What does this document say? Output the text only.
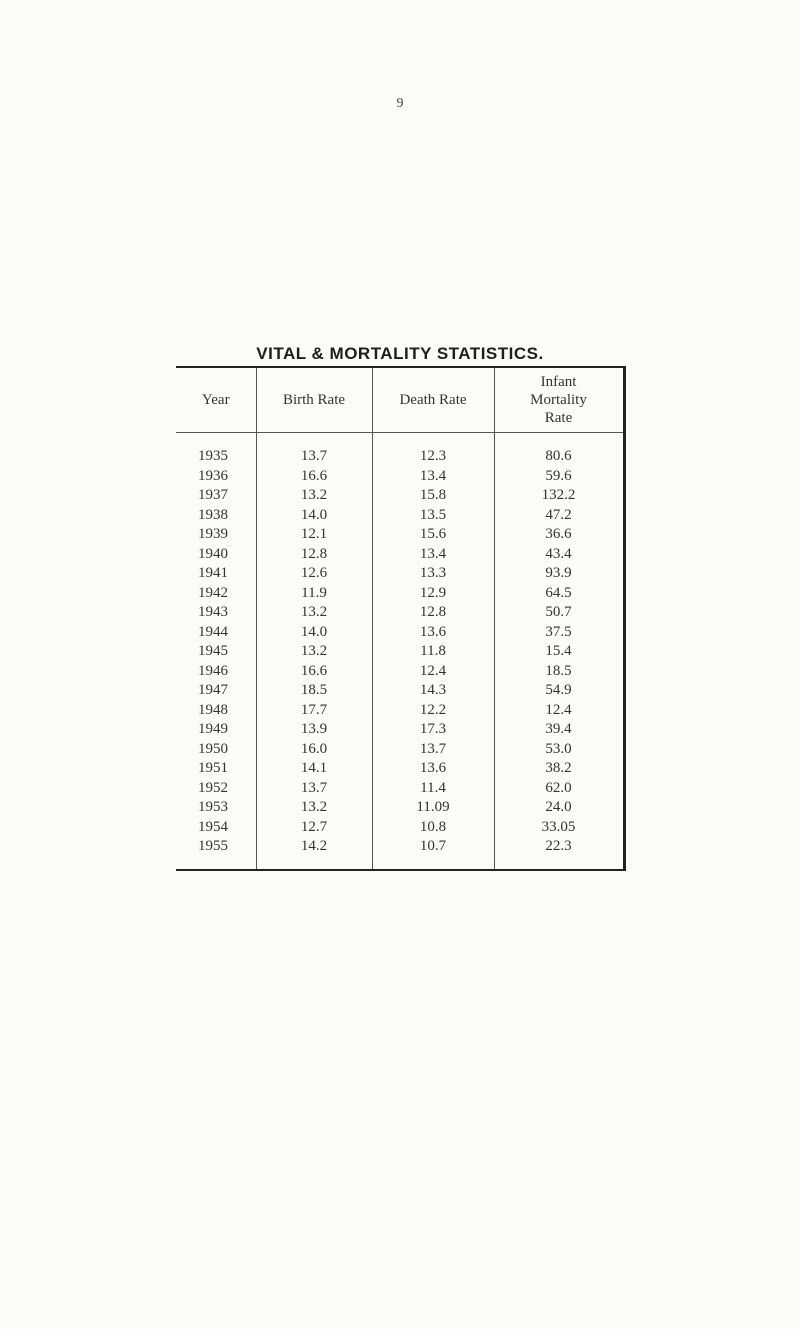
9
VITAL & MORTALITY STATISTICS.
Year	Birth Rate	Death Rate	Infant
Mortality
Rate
1935	13.7	12.3	80.6
1936	16.6	13.4	59.6
1937	13.2	15.8	132.2
1938	14.0	13.5	47.2
1939	12.1	15.6	36.6
1940	12.8	13.4	43.4
1941	12.6	13.3	93.9
1942	11.9	12.9	64.5
1943	13.2	12.8	50.7
1944	14.0	13.6	37.5
1945	13.2	11.8	15.4
1946	16.6	12.4	18.5
1947	18.5	14.3	54.9
1948	17.7	12.2	12.4
1949	13.9	17.3	39.4
1950	16.0	13.7	53.0
1951	14.1	13.6	38.2
1952	13.7	11.4	62.0
1953	13.2	11.09	24.0
1954	12.7	10.8	33.05
1955	14.2	10.7	22.3
